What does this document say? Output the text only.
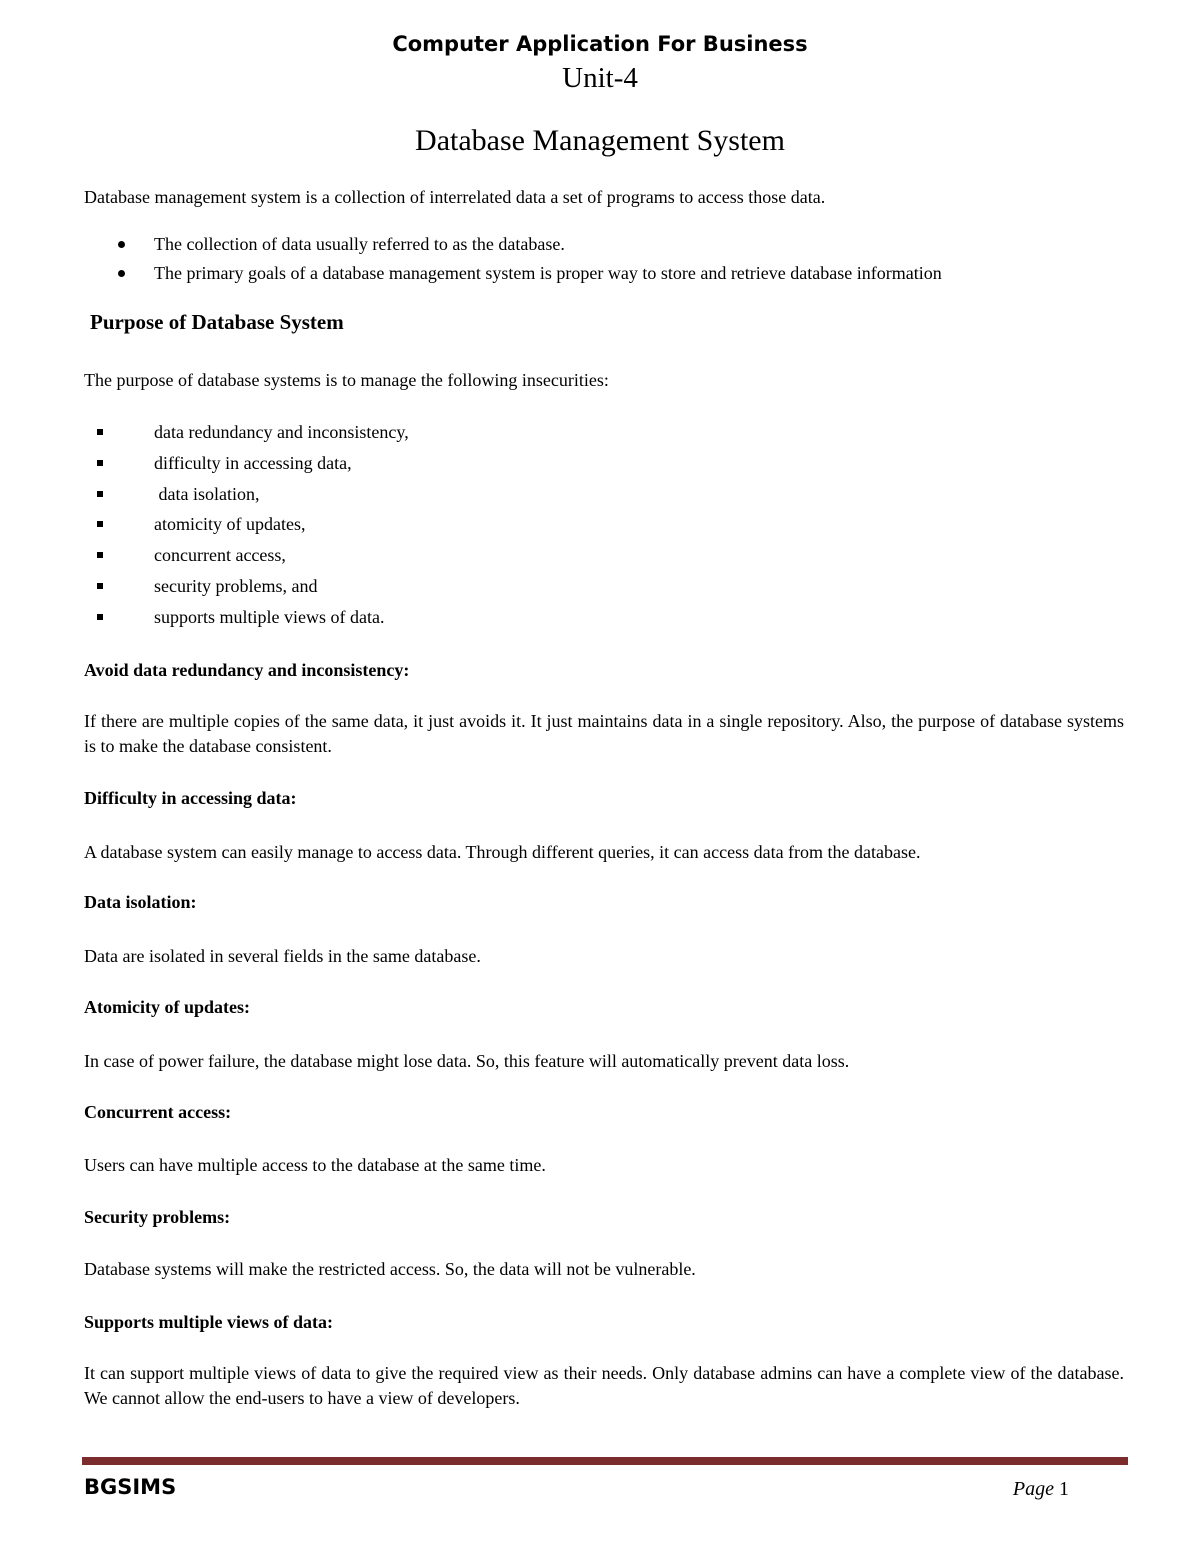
Computer Application For Business
Unit-4
Database Management System
Database management system is a collection of interrelated data a set of programs to access those data.
The collection of data usually referred to as the database.
The primary goals of a database management system is proper way to store and retrieve database information
Purpose of Database System
The purpose of database systems is to manage the following insecurities:
data redundancy and inconsistency,
difficulty in accessing data,
data isolation,
atomicity of updates,
concurrent access,
security problems, and
supports multiple views of data.
Avoid data redundancy and inconsistency:
If there are multiple copies of the same data, it just avoids it. It just maintains data in a single repository. Also, the purpose of database systems is to make the database consistent.
Difficulty in accessing data:
A database system can easily manage to access data. Through different queries, it can access data from the database.
Data isolation:
Data are isolated in several fields in the same database.
Atomicity of updates:
In case of power failure, the database might lose data. So, this feature will automatically prevent data loss.
Concurrent access:
Users can have multiple access to the database at the same time.
Security problems:
Database systems will make the restricted access. So, the data will not be vulnerable.
Supports multiple views of data:
It can support multiple views of data to give the required view as their needs. Only database admins can have a complete view of the database. We cannot allow the end-users to have a view of developers.
BGSIMS	Page 1
